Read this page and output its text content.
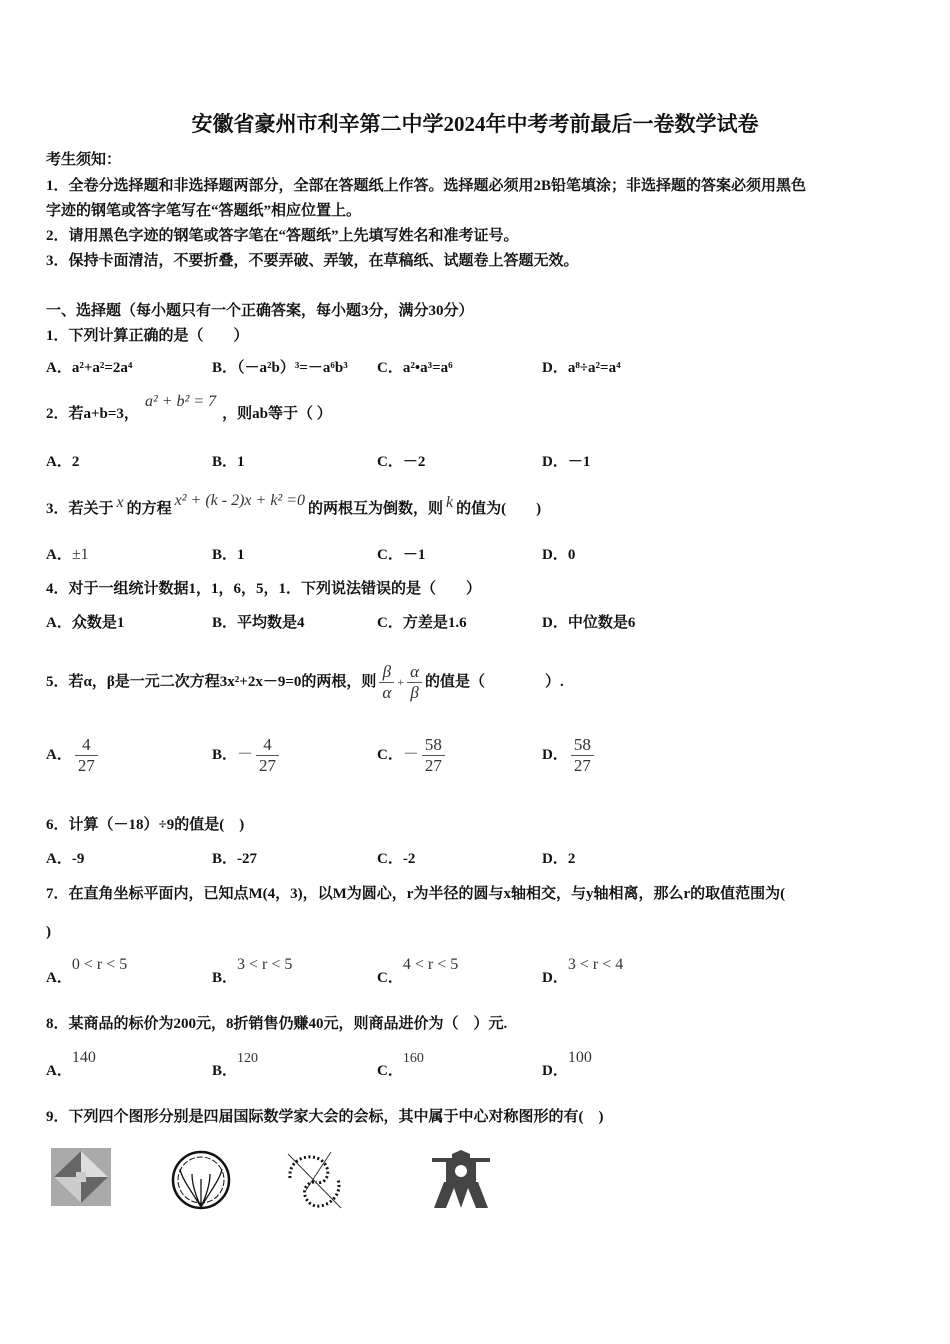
安徽省豪州市利辛第二中学2024年中考考前最后一卷数学试卷
考生须知：
1．全卷分选择题和非选择题两部分，全部在答题纸上作答。选择题必须用2B铅笔填涂；非选择题的答案必须用黑色
字迹的钢笔或答字笔写在“答题纸”相应位置上。
2．请用黑色字迹的钢笔或答字笔在“答题纸”上先填写姓名和准考证号。
3．保持卡面清洁，不要折叠，不要弄破、弄皱，在草稿纸、试题卷上答题无效。
一、选择题（每小题只有一个正确答案，每小题3分，满分30分）
1．下列计算正确的是（　　）
A．a²+a²=2a⁴	B．（－a²b）³=－a⁶b³ C．a²•a³=a⁶	D．a⁸÷a²=a⁴
2．若a+b=3，a² + b² = 7，则ab等于（ ）
A．2	B．1	C．－2	D．－1
3．若关于 x 的方程 x² + (k - 2)x + k² =0 的两根互为倒数，则 k 的值为(　　)
A．±1	B．1	C．－1	D．0
4．对于一组统计数据1，1，6，5，1．下列说法错误的是（　　）
A．众数是1	B．平均数是4	C．方差是1.6	D．中位数是6
5．若α，β是一元二次方程3x²+2x－9=0的两根，则 $\frac{\beta}{\alpha} + \frac{\alpha}{\beta}$ 的值是（　　　　）.
A． $\frac{4}{27}$	B．－ $\frac{4}{27}$	C．－ $\frac{58}{27}$	D． $\frac{58}{27}$
6．计算（－18）÷9的值是(　)
A．-9	B．-27	C．-2	D．2
7．在直角坐标平面内，已知点M(4，3)，以M为圆心，r为半径的圆与x轴相交，与y轴相离，那么r的取值范围为(
)
A．0 < r < 5
B．3 < r < 5
C．4 < r < 5
D．3 < r < 4
8．某商品的标价为200元，8折销售仍赚40元，则商品进价为（　）元.
A．140
B．120
C．160
D．100
9．下列四个图形分别是四届国际数学家大会的会标，其中属于中心对称图形的有(　)
